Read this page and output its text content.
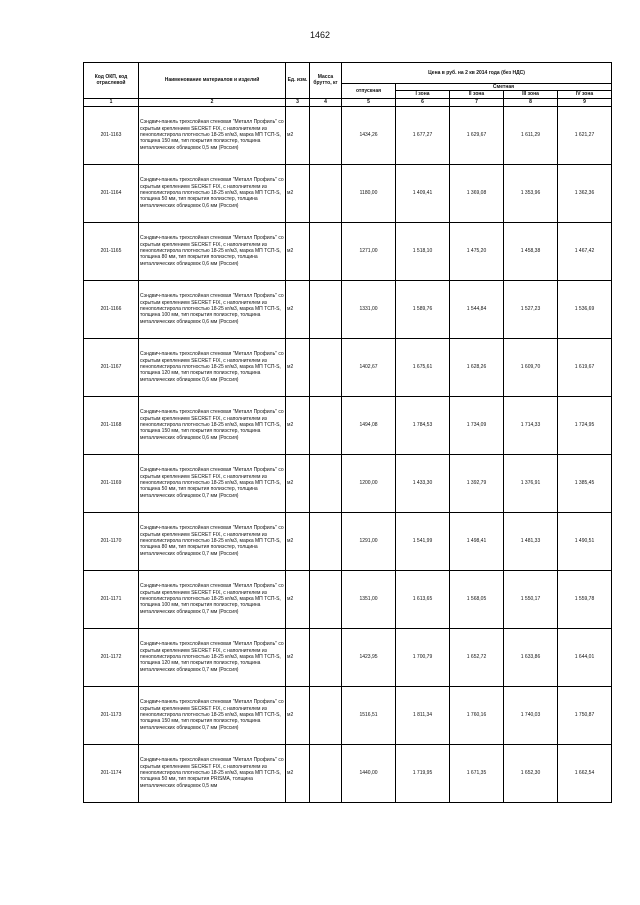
1462
Код ОКП, код отраслевой	Наименование материалов и изделий	Ед. изм.	Масса брутто, кг	Цена в руб. на 2 кв 2014 года (без НДС)				
				отпускная	Сметная			
					I зона	II зона	III зона	IV зона
1	2	3	4	5	6	7	8	9
201-1163	Сэндвич-панель трехслойная стеновая "Металл Профиль" со скрытым креплением SECRET FIX, с наполнителем из пенополистирола плотностью 18-25 кг/м3, марка МП ТСП-S, толщина 150 мм, тип покрытия полиэстер, толщина металлических облицовок 0,5 мм (Россия)	м2		1434,26	1 677,27	1 629,67	1 611,29	1 621,27
201-1164	Сэндвич-панель трехслойная стеновая "Металл Профиль" со скрытым креплением SECRET FIX, с наполнителем из пенополистирола плотностью 18-25 кг/м3, марка МП ТСП-S, толщина 50 мм, тип покрытия полиэстер, толщина металлических облицовок 0,6 мм (Россия)	м2		1180,00	1 409,41	1 369,08	1 353,96	1 362,36
201-1165	Сэндвич-панель трехслойная стеновая "Металл Профиль" со скрытым креплением SECRET FIX, с наполнителем из пенополистирола плотностью 18-25 кг/м3, марка МП ТСП-S, толщина 80 мм, тип покрытия полиэстер, толщина металлических облицовок 0,6 мм (Россия)	м2		1271,00	1 518,10	1 475,20	1 458,38	1 467,42
201-1166	Сэндвич-панель трехслойная стеновая "Металл Профиль" со скрытым креплением SECRET FIX, с наполнителем из пенополистирола плотностью 18-25 кг/м3, марка МП ТСП-S, толщина 100 мм, тип покрытия полиэстер, толщина металлических облицовок 0,6 мм (Россия)	м2		1331,00	1 589,76	1 544,84	1 527,23	1 536,69
201-1167	Сэндвич-панель трехслойная стеновая "Металл Профиль" со скрытым креплением SECRET FIX, с наполнителем из пенополистирола плотностью 18-25 кг/м3, марка МП ТСП-S, толщина 120 мм, тип покрытия полиэстер, толщина металлических облицовок 0,6 мм (Россия)	м2		1402,67	1 675,61	1 628,26	1 609,70	1 619,67
201-1168	Сэндвич-панель трехслойная стеновая "Металл Профиль" со скрытым креплением SECRET FIX, с наполнителем из пенополистирола плотностью 18-25 кг/м3, марка МП ТСП-S, толщина 150 мм, тип покрытия полиэстер, толщина металлических облицовок 0,6 мм (Россия)	м2		1494,08	1 784,53	1 734,09	1 714,33	1 724,95
201-1169	Сэндвич-панель трехслойная стеновая "Металл Профиль" со скрытым креплением SECRET FIX, с наполнителем из пенополистирола плотностью 18-25 кг/м3, марка МП ТСП-S, толщина 50 мм, тип покрытия полиэстер, толщина металлических облицовок 0,7 мм (Россия)	м2		1200,00	1 433,30	1 392,79	1 376,91	1 385,45
201-1170	Сэндвич-панель трехслойная стеновая "Металл Профиль" со скрытым креплением SECRET FIX, с наполнителем из пенополистирола плотностью 18-25 кг/м3, марка МП ТСП-S, толщина 80 мм, тип покрытия полиэстер, толщина металлических облицовок 0,7 мм (Россия)	м2		1291,00	1 541,99	1 498,41	1 481,33	1 490,51
201-1171	Сэндвич-панель трехслойная стеновая "Металл Профиль" со скрытым креплением SECRET FIX, с наполнителем из пенополистирола плотностью 18-25 кг/м3, марка МП ТСП-S, толщина 100 мм, тип покрытия полиэстер, толщина металлических облицовок 0,7 мм (Россия)	м2		1351,00	1 613,65	1 568,05	1 550,17	1 559,78
201-1172	Сэндвич-панель трехслойная стеновая "Металл Профиль" со скрытым креплением SECRET FIX, с наполнителем из пенополистирола плотностью 18-25 кг/м3, марка МП ТСП-S, толщина 120 мм, тип покрытия полиэстер, толщина металлических облицовок 0,7 мм (Россия)	м2		1423,95	1 700,79	1 652,72	1 633,86	1 644,01
201-1173	Сэндвич-панель трехслойная стеновая "Металл Профиль" со скрытым креплением SECRET FIX, с наполнителем из пенополистирола плотностью 18-25 кг/м3, марка МП ТСП-S, толщина 150 мм, тип покрытия полиэстер, толщина металлических облицовок 0,7 мм (Россия)	м2		1516,51	1 811,34	1 760,16	1 740,03	1 750,87
201-1174	Сэндвич-панель трехслойная стеновая "Металл Профиль" со скрытым креплением SECRET FIX, с наполнителем из пенополистирола плотностью 18-25 кг/м3, марка МП ТСП-S, толщина 50 мм, тип покрытия PRISMA, толщина металлических облицовок 0,5 мм	м2		1440,00	1 719,95	1 671,35	1 652,30	1 662,54
